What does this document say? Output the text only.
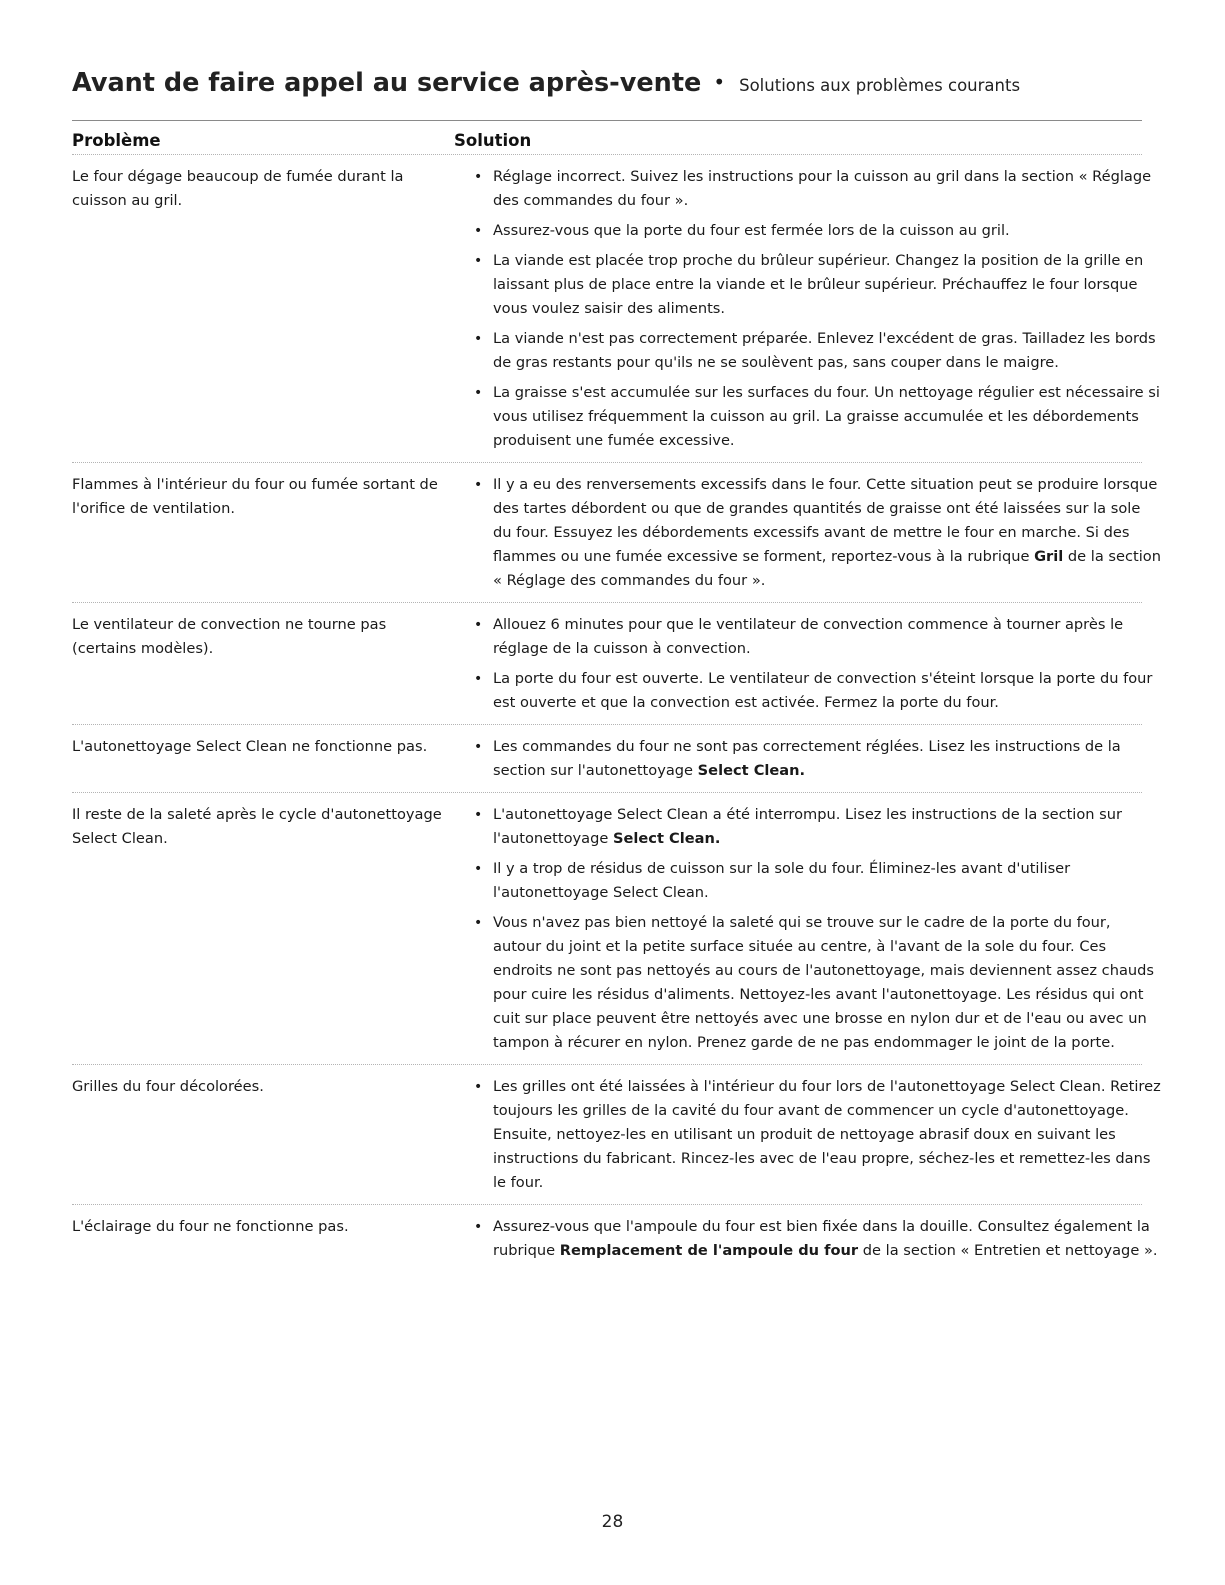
Avant de faire appel au service après-vente • Solutions aux problèmes courants
Problème	Solution
Le four dégage beaucoup de fumée durant la cuisson au gril.
• Réglage incorrect. Suivez les instructions pour la cuisson au gril dans la section « Réglage des commandes du four ».
• Assurez-vous que la porte du four est fermée lors de la cuisson au gril.
• La viande est placée trop proche du brûleur supérieur. Changez la position de la grille en laissant plus de place entre la viande et le brûleur supérieur. Préchauffez le four lorsque vous voulez saisir des aliments.
• La viande n'est pas correctement préparée. Enlevez l'excédent de gras. Tailladez les bords de gras restants pour qu'ils ne se soulèvent pas, sans couper dans le maigre.
• La graisse s'est accumulée sur les surfaces du four. Un nettoyage régulier est nécessaire si vous utilisez fréquemment la cuisson au gril. La graisse accumulée et les débordements produisent une fumée excessive.
Flammes à l'intérieur du four ou fumée sortant de l'orifice de ventilation.
• Il y a eu des renversements excessifs dans le four. Cette situation peut se produire lorsque des tartes débordent ou que de grandes quantités de graisse ont été laissées sur la sole du four. Essuyez les débordements excessifs avant de mettre le four en marche. Si des flammes ou une fumée excessive se forment, reportez-vous à la rubrique Gril de la section « Réglage des commandes du four ».
Le ventilateur de convection ne tourne pas (certains modèles).
• Allouez 6 minutes pour que le ventilateur de convection commence à tourner après le réglage de la cuisson à convection.
• La porte du four est ouverte. Le ventilateur de convection s'éteint lorsque la porte du four est ouverte et que la convection est activée. Fermez la porte du four.
L'autonettoyage Select Clean ne fonctionne pas.	• Les commandes du four ne sont pas correctement réglées. Lisez les instructions de la section sur l'autonettoyage Select Clean.
Il reste de la saleté après le cycle d'autonettoyage Select Clean.
• L'autonettoyage Select Clean a été interrompu. Lisez les instructions de la section sur l'autonettoyage Select Clean.
• Il y a trop de résidus de cuisson sur la sole du four. Éliminez-les avant d'utiliser l'autonettoyage Select Clean.
• Vous n'avez pas bien nettoyé la saleté qui se trouve sur le cadre de la porte du four, autour du joint et la petite surface située au centre, à l'avant de la sole du four. Ces endroits ne sont pas nettoyés au cours de l'autonettoyage, mais deviennent assez chauds pour cuire les résidus d'aliments. Nettoyez-les avant l'autonettoyage. Les résidus qui ont cuit sur place peuvent être nettoyés avec une brosse en nylon dur et de l'eau ou avec un tampon à récurer en nylon. Prenez garde de ne pas endommager le joint de la porte.
Grilles du four décolorées.	• Les grilles ont été laissées à l'intérieur du four lors de l'autonettoyage Select Clean. Retirez toujours les grilles de la cavité du four avant de commencer un cycle d'autonettoyage. Ensuite, nettoyez-les en utilisant un produit de nettoyage abrasif doux en suivant les instructions du fabricant. Rincez-les avec de l'eau propre, séchez-les et remettez-les dans le four.
L'éclairage du four ne fonctionne pas.	• Assurez-vous que l'ampoule du four est bien fixée dans la douille. Consultez également la rubrique Remplacement de l'ampoule du four de la section « Entretien et nettoyage ».
28
